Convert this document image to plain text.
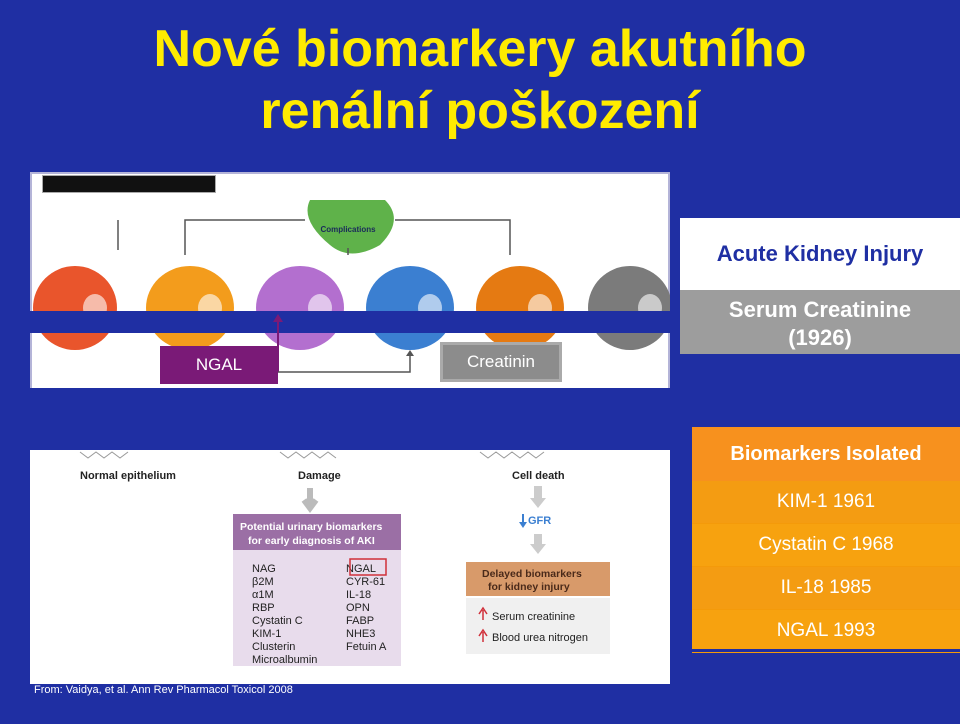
Nové biomarkery akutního
renální poškození
Complications
NGAL	Creatinin
Normal epithelium	Damage	Cell death
GFR
Potential urinary biomarkers
for early diagnosis of AKI
NAG
β2M
α1M
RBP
Cystatin C
KIM-1
Clusterin
Microalbumin
NGAL
CYR-61
IL-18
OPN
FABP
NHE3
Fetuin A
Delayed biomarkers
for kidney injury
Serum creatinine
Blood urea nitrogen
Acute Kidney Injury
Serum Creatinine
(1926)
Biomarkers Isolated
KIM-1 1961
Cystatin C 1968
IL-18 1985
NGAL 1993
From: Vaidya, et al. Ann Rev Pharmacol Toxicol 2008
